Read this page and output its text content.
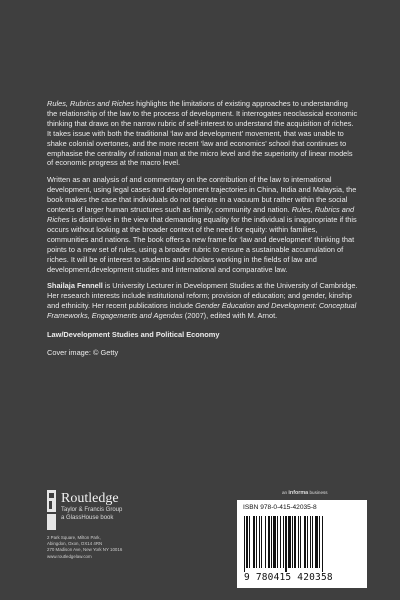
Rules, Rubrics and Riches highlights the limitations of existing approaches to understanding the relationship of the law to the process of development. It interrogates neoclassical economic thinking that draws on the narrow rubric of self-interest to understand the acquisition of riches. It takes issue with both the traditional ‘law and development’ movement, that was unable to shake colonial overtones, and the more recent ‘law and economics’ school that continues to emphasise the centrality of rational man at the micro level and the superiority of linear models of economic progress at the macro level.

Written as an analysis of and commentary on the contribution of the law to international development, using legal cases and development trajectories in China, India and Malaysia, the book makes the case that individuals do not operate in a vacuum but rather within the social contexts of larger human structures such as family, community and nation. Rules, Rubrics and Riches is distinctive in the view that demanding equality for the individual is inappropriate if this occurs without looking at the broader context of the need for equity: within families, communities and nations. The book offers a new frame for ‘law and development’ thinking that points to a new set of rules, using a broader rubric to ensure a sustainable accumulation of riches. It will be of interest to students and scholars working in the fields of law and development,development studies and international and comparative law.

Shailaja Fennell is University Lecturer in Development Studies at the University of Cambridge. Her research interests include institutional reform; provision of education; and gender, kinship and ethnicity. Her recent publications include Gender Education and Development: Conceptual Frameworks, Engagements and Agendas (2007), edited with M. Arnot.

Law/Development Studies and Political Economy

Cover image: © Getty

Routledge
Taylor & Francis Group
a GlassHouse book
2 Park Square, Milton Park,
Abingdon, Oxon, OX14 4RN
270 Madison Ave, New York NY 10016
www.routledgelaw.com
an informa business
ISBN 978-0-415-42035-8
9 780415 420358
